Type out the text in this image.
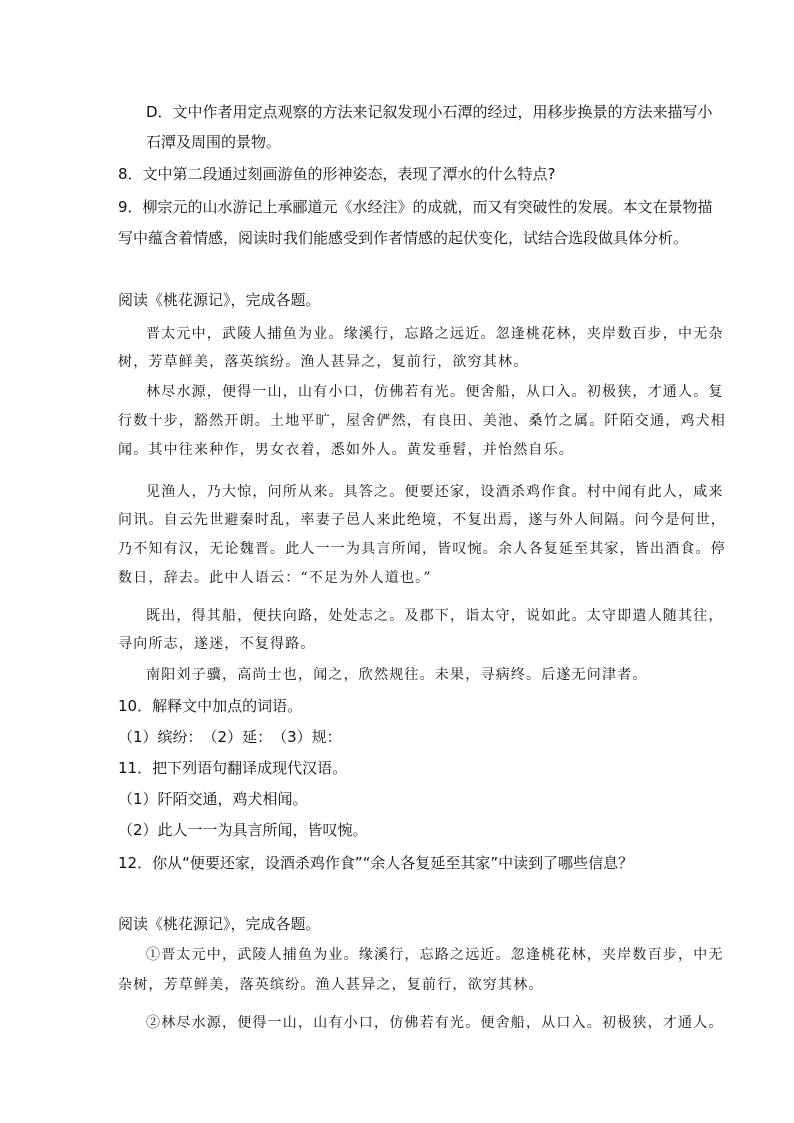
D．文中作者用定点观察的方法来记叙发现小石潭的经过，用移步换景的方法来描写小
石潭及周围的景物。
8．文中第二段通过刻画游鱼的形神姿态，表现了潭水的什么特点?
9．柳宗元的山水游记上承郦道元《水经注》的成就，而又有突破性的发展。本文在景物描
写中蕴含着情感，阅读时我们能感受到作者情感的起伏变化，试结合选段做具体分析。
阅读《桃花源记》，完成各题。
晋太元中，武陵人捕鱼为业。缘溪行，忘路之远近。忽逢桃花林，夹岸数百步，中无杂
树，芳草鲜美，落英缤纷。渔人甚异之，复前行，欲穷其林。
林尽水源，便得一山，山有小口，仿佛若有光。便舍船，从口入。初极狭，才通人。复
行数十步，豁然开朗。土地平旷，屋舍俨然，有良田、美池、桑竹之属。阡陌交通，鸡犬相
闻。其中往来种作，男女衣着，悉如外人。黄发垂髫，并怡然自乐。
见渔人，乃大惊，问所从来。具答之。便要还家，设酒杀鸡作食。村中闻有此人，咸来
问讯。自云先世避秦时乱，率妻子邑人来此绝境，不复出焉，遂与外人间隔。问今是何世，
乃不知有汉，无论魏晋。此人一一为具言所闻，皆叹惋。余人各复延至其家，皆出酒食。停
数日，辞去。此中人语云：“不足为外人道也。”
既出，得其船，便扶向路，处处志之。及郡下，诣太守，说如此。太守即遣人随其往，
寻向所志，遂迷，不复得路。
南阳刘子骥，高尚士也，闻之，欣然规往。未果，寻病终。后遂无问津者。
10．解释文中加点的词语。
（1）缤纷：　（2）延：　（3）规：
11．把下列语句翻译成现代汉语。
（1）阡陌交通，鸡犬相闻。
（2）此人一一为具言所闻，皆叹惋。
12．你从“便要还家，设酒杀鸡作食”“余人各复延至其家”中读到了哪些信息？
阅读《桃花源记》，完成各题。
①晋太元中，武陵人捕鱼为业。缘溪行，忘路之远近。忽逢桃花林，夹岸数百步，中无
杂树，芳草鲜美，落英缤纷。渔人甚异之，复前行，欲穷其林。
②林尽水源，便得一山，山有小口，仿佛若有光。便舍船，从口入。初极狭，才通人。
